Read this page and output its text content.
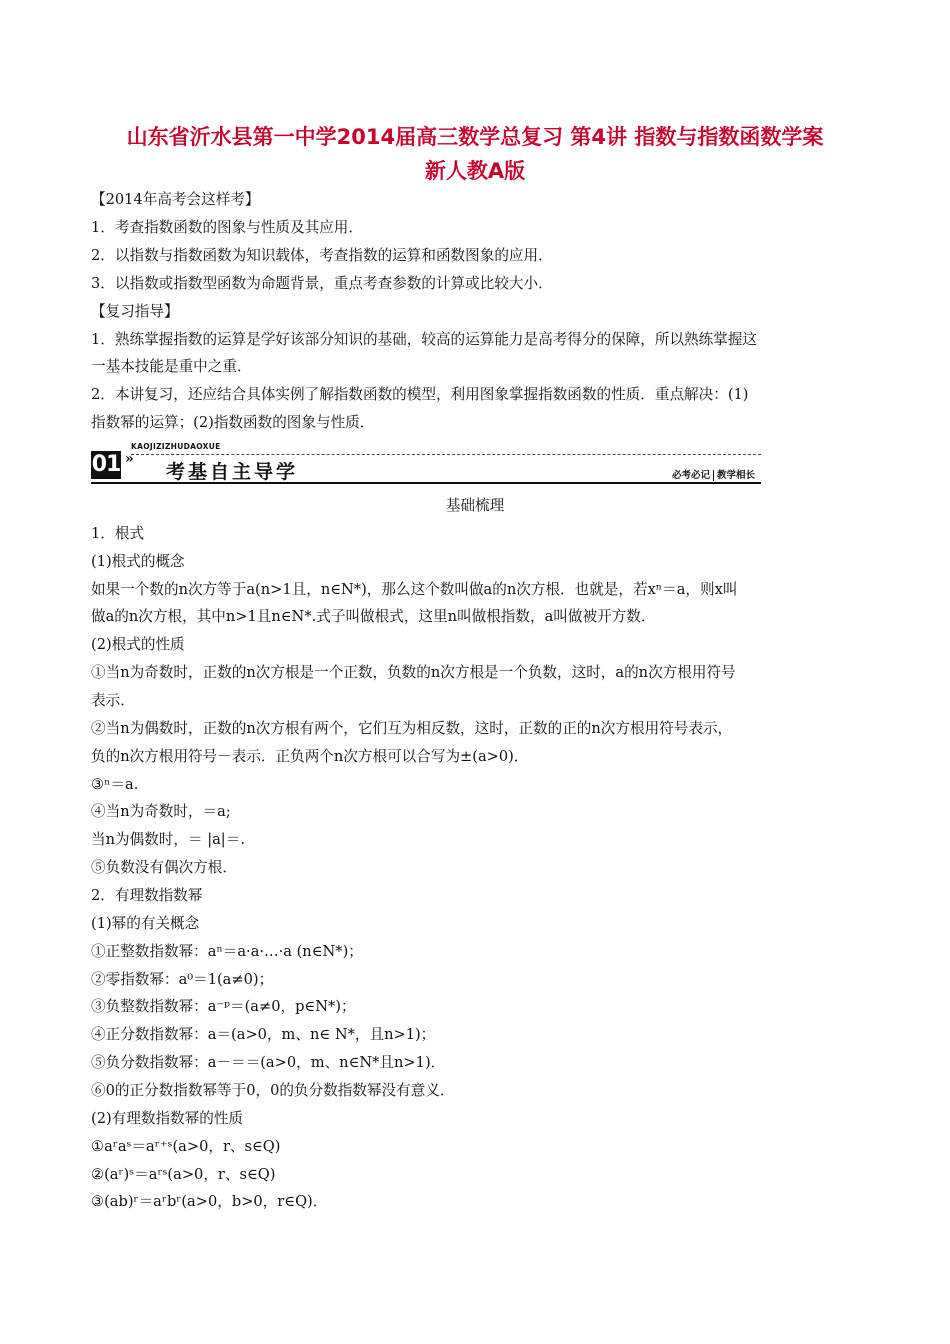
山东省沂水县第一中学2014届高三数学总复习 第4讲 指数与指数函数学案
新人教A版
【2014年高考会这样考】
1．考查指数函数的图象与性质及其应用．
2．以指数与指数函数为知识载体，考查指数的运算和函数图象的应用．
3．以指数或指数型函数为命题背景，重点考查参数的计算或比较大小．
【复习指导】
1．熟练掌握指数的运算是学好该部分知识的基础，较高的运算能力是高考得分的保障，所以熟练掌握这
一基本技能是重中之重．
2．本讲复习，还应结合具体实例了解指数函数的模型，利用图象掌握指数函数的性质．重点解决：(1)
指数幂的运算；(2)指数函数的图象与性质．
01 »
KAOJIZIZHUDAOXUE
考基自主导学	必考必记 教学相长
基础梳理
1．根式
(1)根式的概念
如果一个数的n次方等于a(n>1且，n∈N*)，那么这个数叫做a的n次方根．也就是，若xⁿ＝a，则x叫
做a的n次方根，其中n>1且n∈N*.式子叫做根式，这里n叫做根指数，a叫做被开方数．
(2)根式的性质
①当n为奇数时，正数的n次方根是一个正数，负数的n次方根是一个负数，这时，a的n次方根用符号
表示．
②当n为偶数时，正数的n次方根有两个，它们互为相反数，这时，正数的正的n次方根用符号表示，
负的n次方根用符号－表示．正负两个n次方根可以合写为±(a>0)．
③ⁿ＝a.
④当n为奇数时，＝a;
当n为偶数时，＝ |a|＝.
⑤负数没有偶次方根．
2．有理数指数幂
(1)幂的有关概念
①正整数指数幂：aⁿ＝a·a·…·a (n∈N*)；
②零指数幂：a⁰＝1(a≠0)；
③负整数指数幂：a⁻ᵖ＝(a≠0，p∈N*)；
④正分数指数幂：a＝(a>0，m、n∈ N*，且n>1)；
⑤负分数指数幂：a－＝＝(a>0，m、n∈N*且n>1)．
⑥0的正分数指数幂等于0，0的负分数指数幂没有意义．
(2)有理数指数幂的性质
①aʳaˢ＝aʳ⁺ˢ(a>0，r、s∈Q)
②(aʳ)ˢ＝aʳˢ(a>0，r、s∈Q)
③(ab)ʳ＝aʳbʳ(a>0，b>0，r∈Q)．
